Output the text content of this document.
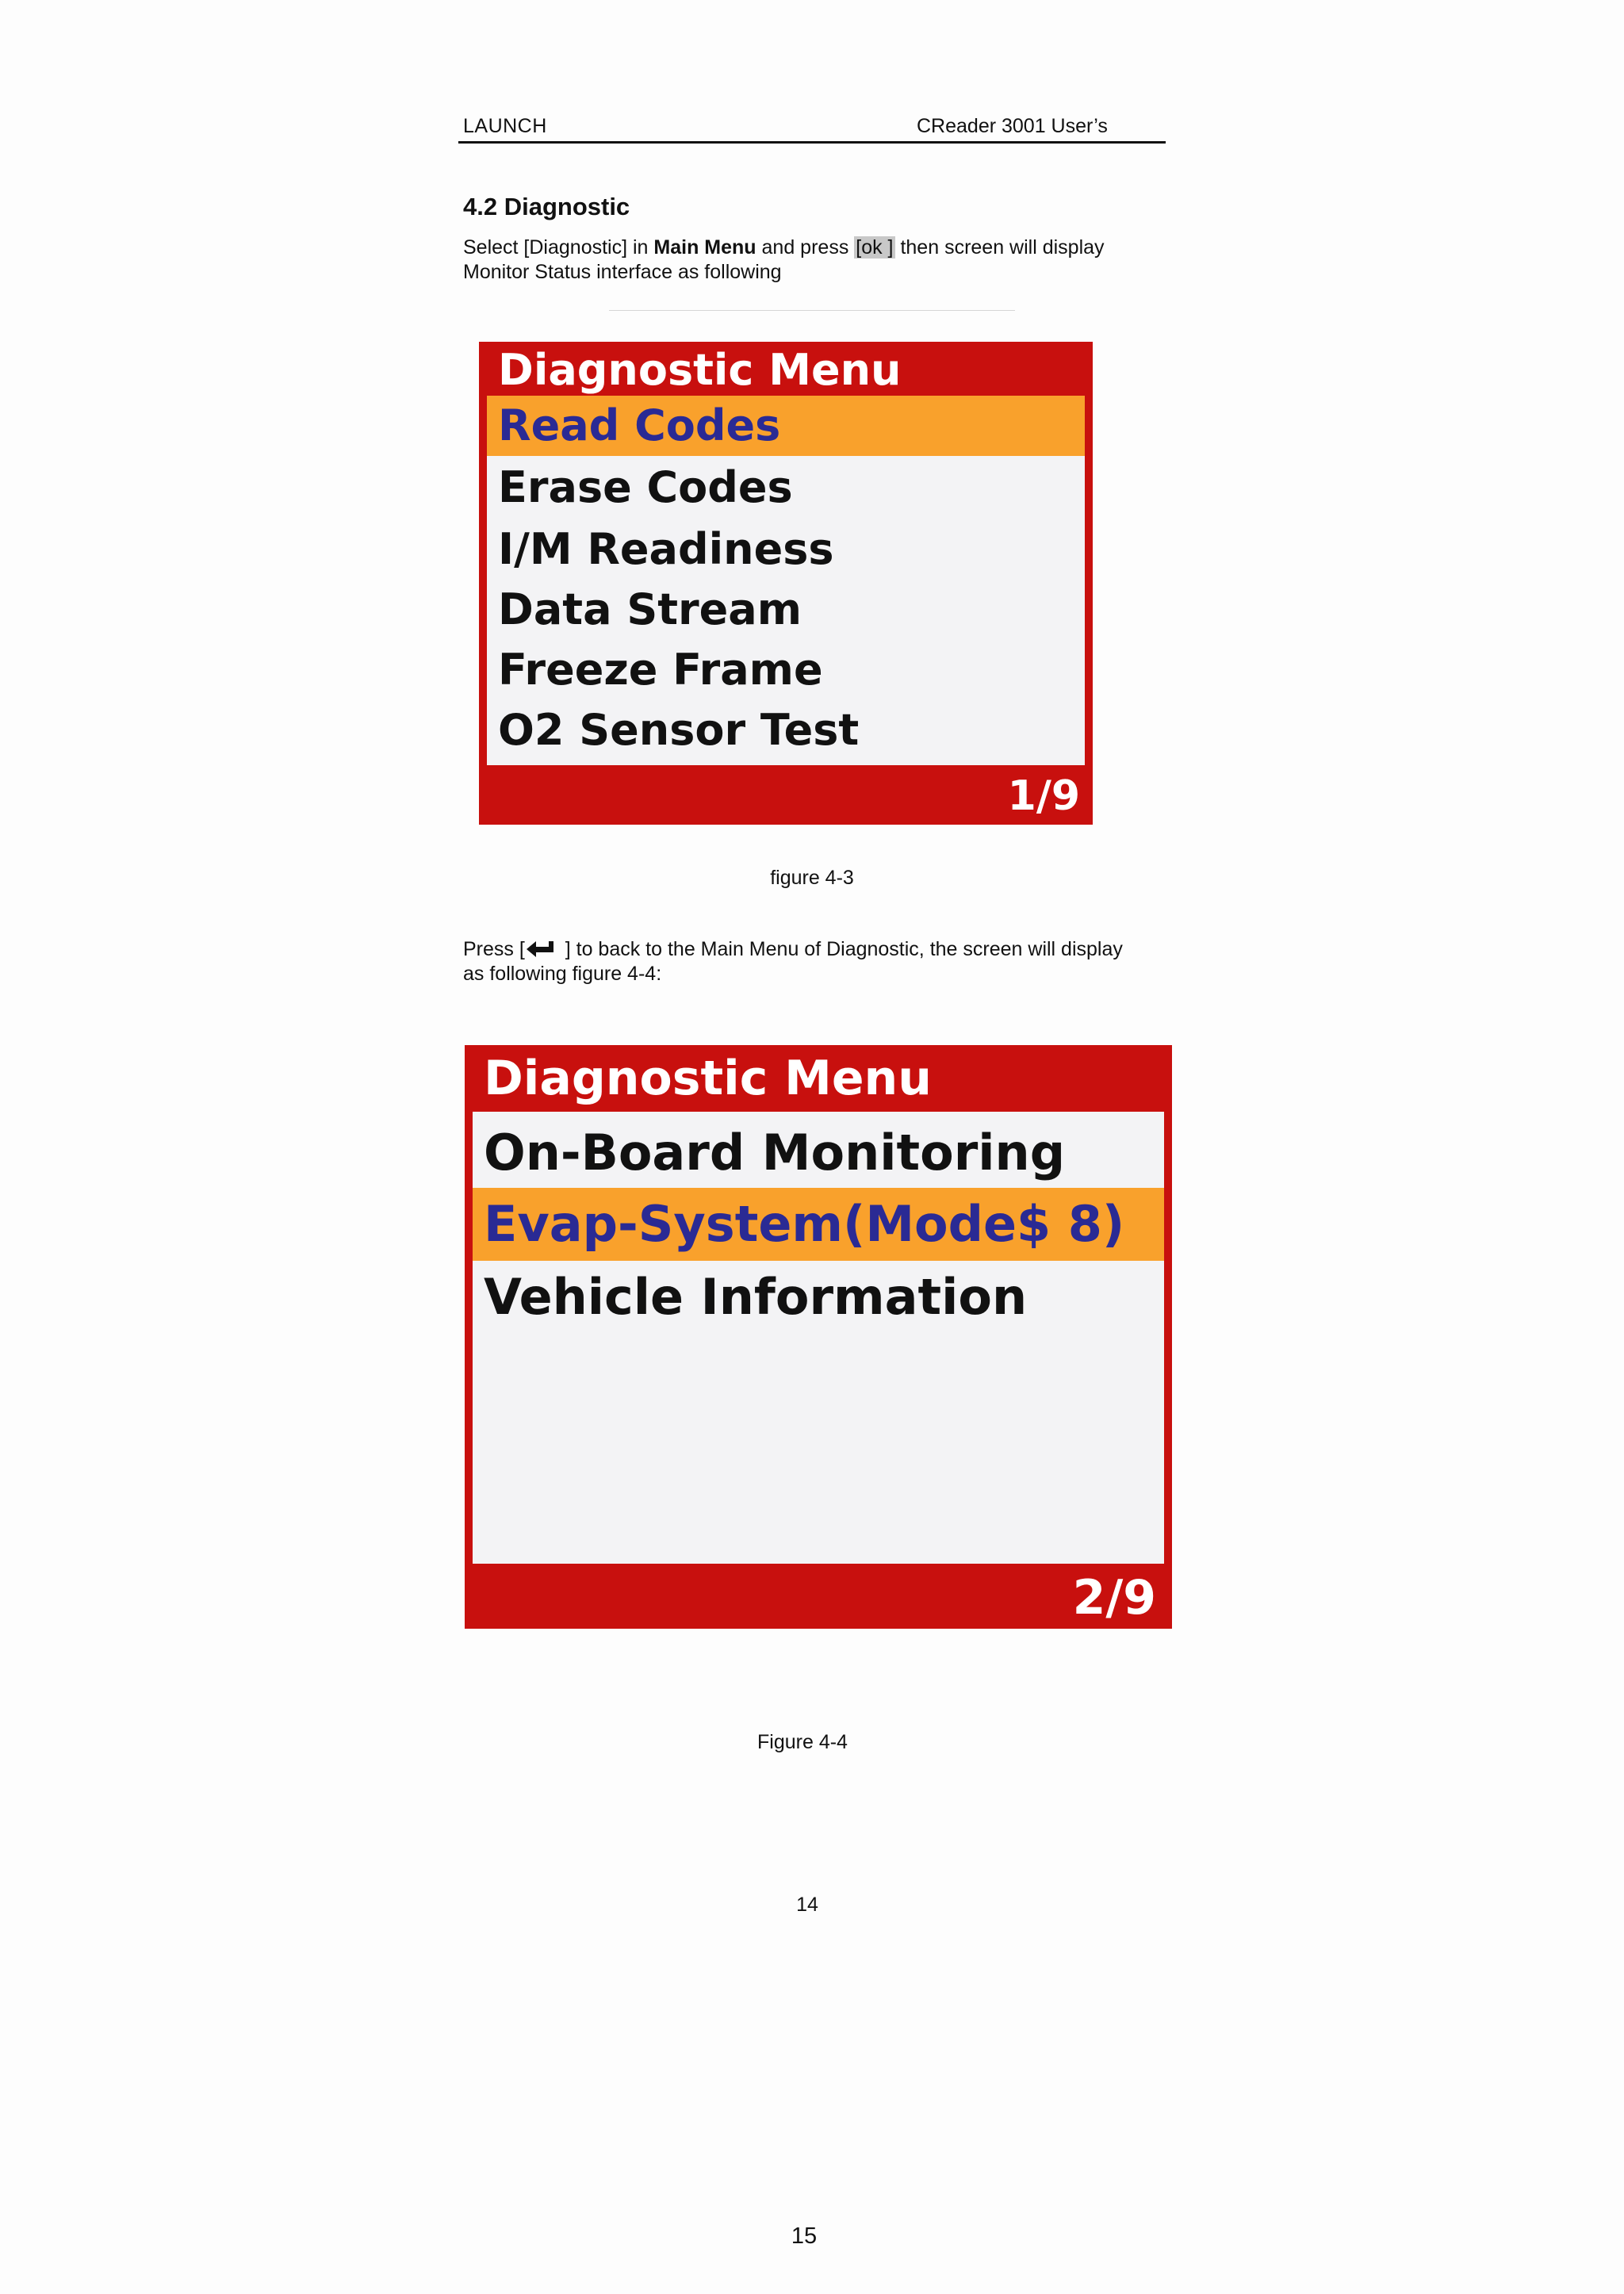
LAUNCH	CReader 3001 User’s
4.2 Diagnostic
Select [Diagnostic] in Main Menu and press [ok ] then screen will display
Monitor Status interface as following
Diagnostic Menu
Read Codes
Erase Codes
I/M Readiness
Data Stream
Freeze Frame
O2 Sensor Test
1/9
figure 4-3
Press [ ] to back to the Main Menu of Diagnostic, the screen will display
as following figure 4-4:
Diagnostic Menu
On-Board Monitoring
Evap-System(Mode$ 8)
Vehicle Information
2/9
Figure 4-4
14
15
